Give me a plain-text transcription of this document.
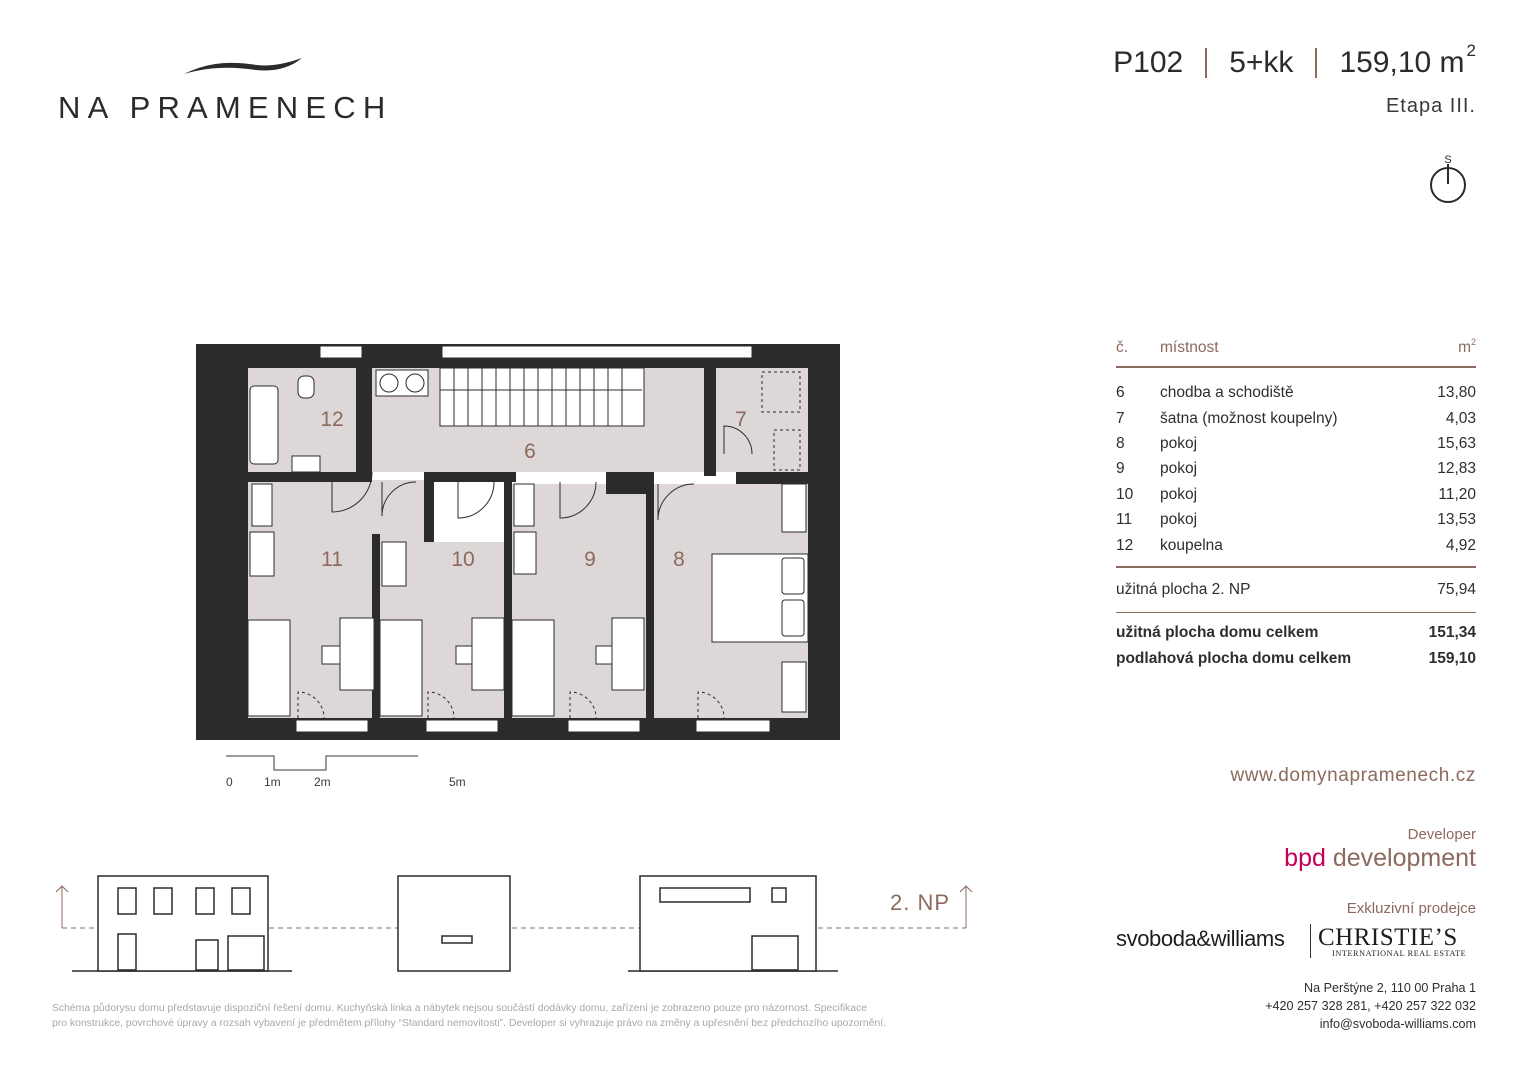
NA PRAMENECH
P102 5+kk 159,10 m 2
Etapa III.
S
12
6
7
11	10	9	8
0	1m	2m	5m
2. NP
č.	místnost	$m^2$
6	chodba a schodiště	13,80
7	šatna (možnost koupelny)	4,03
8	pokoj	15,63
9	pokoj	12,83
10	pokoj	11,20
11	pokoj	13,53
12	koupelna	4,92
užitná plocha 2. NP	75,94
užitná plocha domu celkem	151,34
podlahová plocha domu celkem	159,10
www.domynapramenech.cz
Developer
bpd development
Exkluzivní prodejce
svoboda&williams CHRISTIE’S
INTERNATIONAL REAL ESTATE
Na Perštýne 2, 110 00 Praha 1
+420 257 328 281, +420 257 322 032
info@svoboda-williams.com
Schéma půdorysu domu představuje dispoziční řešení domu. Kuchyňská linka a nábytek nejsou součástí dodávky domu, zařízení je zobrazeno pouze pro názornost. Specifikace
pro konstrukce, povrchové úpravy a rozsah vybavení je předmětem přílohy “Standard nemovitosti”. Developer si vyhrazuje právo na změny a upřesnění bez předchozího upozornění.
